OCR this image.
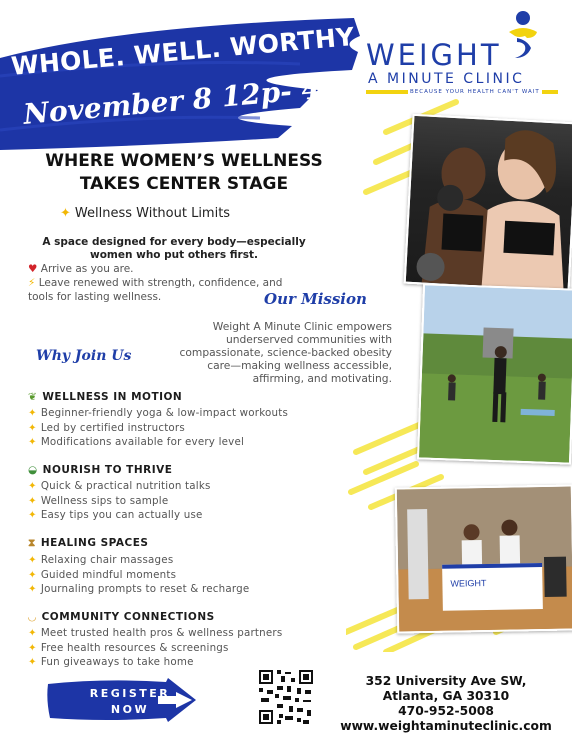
WEIGHT
WHOLE. WELL. WORTHY
November 8 12p- 4p
WEIGHT
A MINUTE CLINIC
BECAUSE YOUR HEALTH CAN'T WAIT
WHERE WOMEN’S WELLNESS
TAKES CENTER STAGE
✦ Wellness Without Limits
A space designed for every body—especially women who put others first.
♥ Arrive as you are.
⚡ Leave renewed with strength, confidence, and tools for lasting wellness.	Our Mission
Weight A Minute Clinic empowers underserved communities with compassionate, science-backed obesity care—making wellness accessible, affirming, and motivating.
Why Join Us
❦ WELLNESS IN MOTION
✦ Beginner-friendly yoga & low-impact workouts
✦ Led by certified instructors
✦ Modifications available for every level
◒ NOURISH TO THRIVE
✦ Quick & practical nutrition talks
✦ Wellness sips to sample
✦ Easy tips you can actually use
⧗ HEALING SPACES
✦ Relaxing chair massages
✦ Guided mindful moments
✦ Journaling prompts to reset & recharge
◡ COMMUNITY CONNECTIONS
✦ Meet trusted health pros & wellness partners
✦ Free health resources & screenings
✦ Fun giveaways to take home
REGISTER
NOW
352 University Ave SW,
Atlanta, GA 30310
470-952-5008
www.weightaminuteclinic.com
